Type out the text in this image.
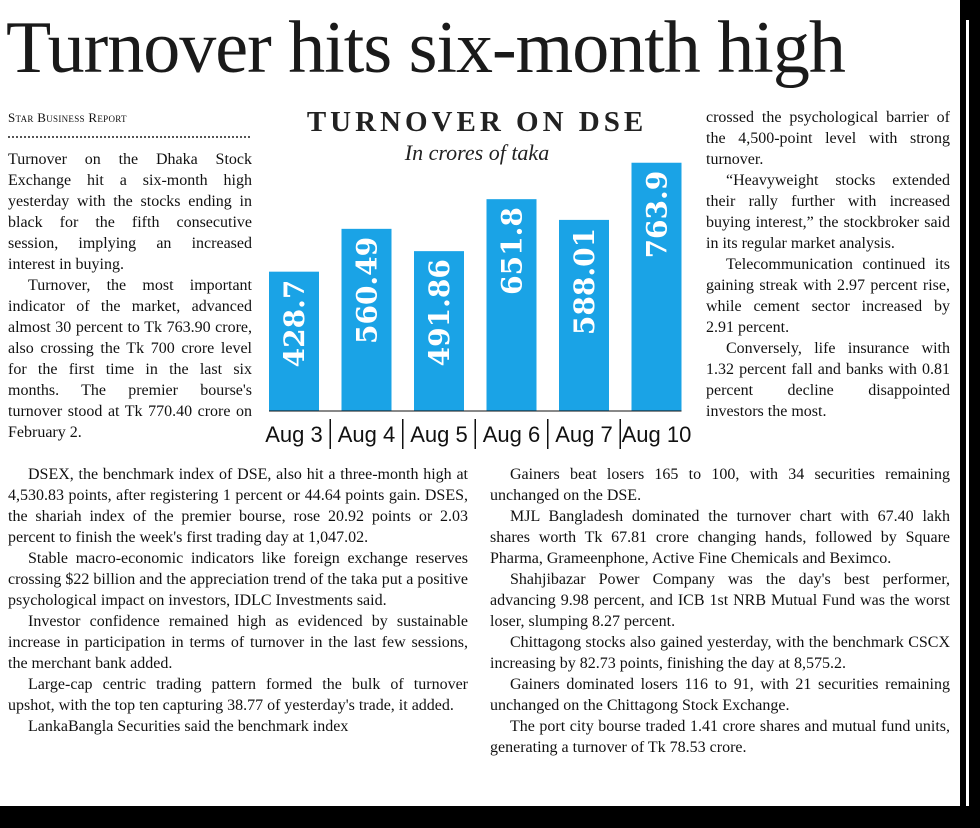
Turnover hits six-month high
Star Business Report

Turnover on the Dhaka Stock Exchange hit a six-month high yesterday with the stocks ending in black for the fifth consecutive session, implying an increased interest in buying.

Turnover, the most important indicator of the market, advanced almost 30 percent to Tk 763.90 crore, also crossing the Tk 700 crore level for the first time in the last six months. The premier bourse's turnover stood at Tk 770.40 crore on February 2.

TURNOVER ON DSE
In crores of taka
428.7
Aug 3
560.49
Aug 4
491.86
Aug 5
651.8
Aug 6
588.01
Aug 7
763.9
Aug 10

crossed the psychological barrier of the 4,500-point level with strong turnover.

“Heavyweight stocks extended their rally further with increased buying interest,” the stockbroker said in its regular market analysis.

Telecommunication continued its gaining streak with 2.97 percent rise, while cement sector increased by 2.91 percent.

Conversely, life insurance with 1.32 percent fall and banks with 0.81 percent decline disappointed investors the most.

DSEX, the benchmark index of DSE, also hit a three-month high at 4,530.83 points, after registering 1 percent or 44.64 points gain. DSES, the shariah index of the premier bourse, rose 20.92 points or 2.03 percent to finish the week's first trading day at 1,047.02.

Stable macro-economic indicators like foreign exchange reserves crossing $22 billion and the appreciation trend of the taka put a positive psychological impact on investors, IDLC Investments said.

Investor confidence remained high as evidenced by sustainable increase in participation in terms of turnover in the last few sessions, the merchant bank added.

Large-cap centric trading pattern formed the bulk of turnover upshot, with the top ten capturing 38.77 of yesterday's trade, it added.

LankaBangla Securities said the benchmark index

Gainers beat losers 165 to 100, with 34 securities remaining unchanged on the DSE.

MJL Bangladesh dominated the turnover chart with 67.40 lakh shares worth Tk 67.81 crore changing hands, followed by Square Pharma, Grameenphone, Active Fine Chemicals and Beximco.

Shahjibazar Power Company was the day's best performer, advancing 9.98 percent, and ICB 1st NRB Mutual Fund was the worst loser, slumping 8.27 percent.

Chittagong stocks also gained yesterday, with the benchmark CSCX increasing by 82.73 points, finishing the day at 8,575.2.

Gainers dominated losers 116 to 91, with 21 securities remaining unchanged on the Chittagong Stock Exchange.

The port city bourse traded 1.41 crore shares and mutual fund units, generating a turnover of Tk 78.53 crore.
